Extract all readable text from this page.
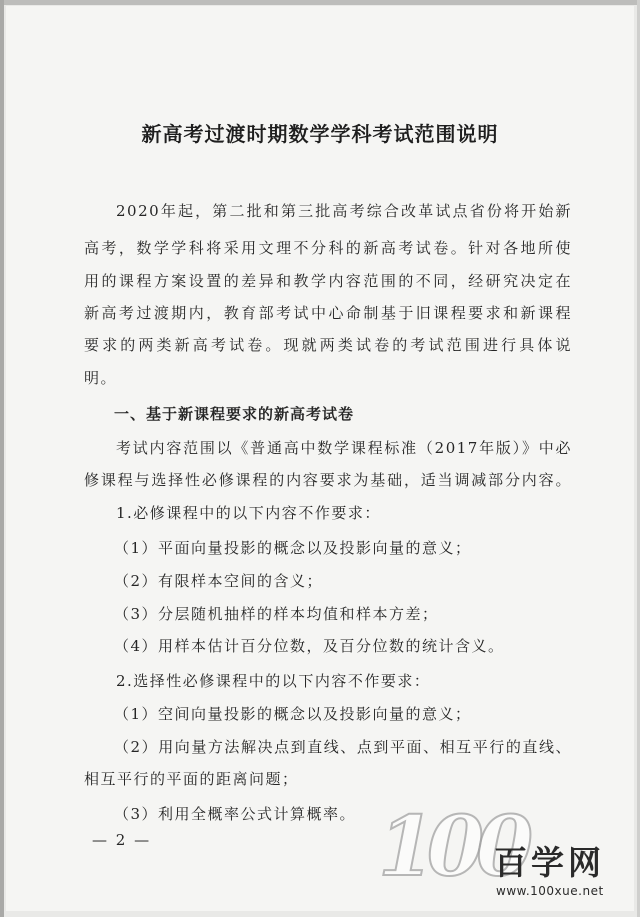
新高考过渡时期数学学科考试范围说明
2020年起，第二批和第三批高考综合改革试点省份将开始新
高考，数学学科将采用文理不分科的新高考试卷。针对各地所使
用的课程方案设置的差异和教学内容范围的不同，经研究决定在
新高考过渡期内，教育部考试中心命制基于旧课程要求和新课程
要求的两类新高考试卷。现就两类试卷的考试范围进行具体说
明。
一、基于新课程要求的新高考试卷
考试内容范围以《普通高中数学课程标准（2017年版）》中必
修课程与选择性必修课程的内容要求为基础，适当调减部分内容。
1.必修课程中的以下内容不作要求：
（1）平面向量投影的概念以及投影向量的意义；
（2）有限样本空间的含义；
（3）分层随机抽样的样本均值和样本方差；
（4）用样本估计百分位数，及百分位数的统计含义。
2.选择性必修课程中的以下内容不作要求：
（1）空间向量投影的概念以及投影向量的意义；
（2）用向量方法解决点到直线、点到平面、相互平行的直线、
相互平行的平面的距离问题；
（3）利用全概率公式计算概率。
— 2 —	100
百学网
www.100xue.net
